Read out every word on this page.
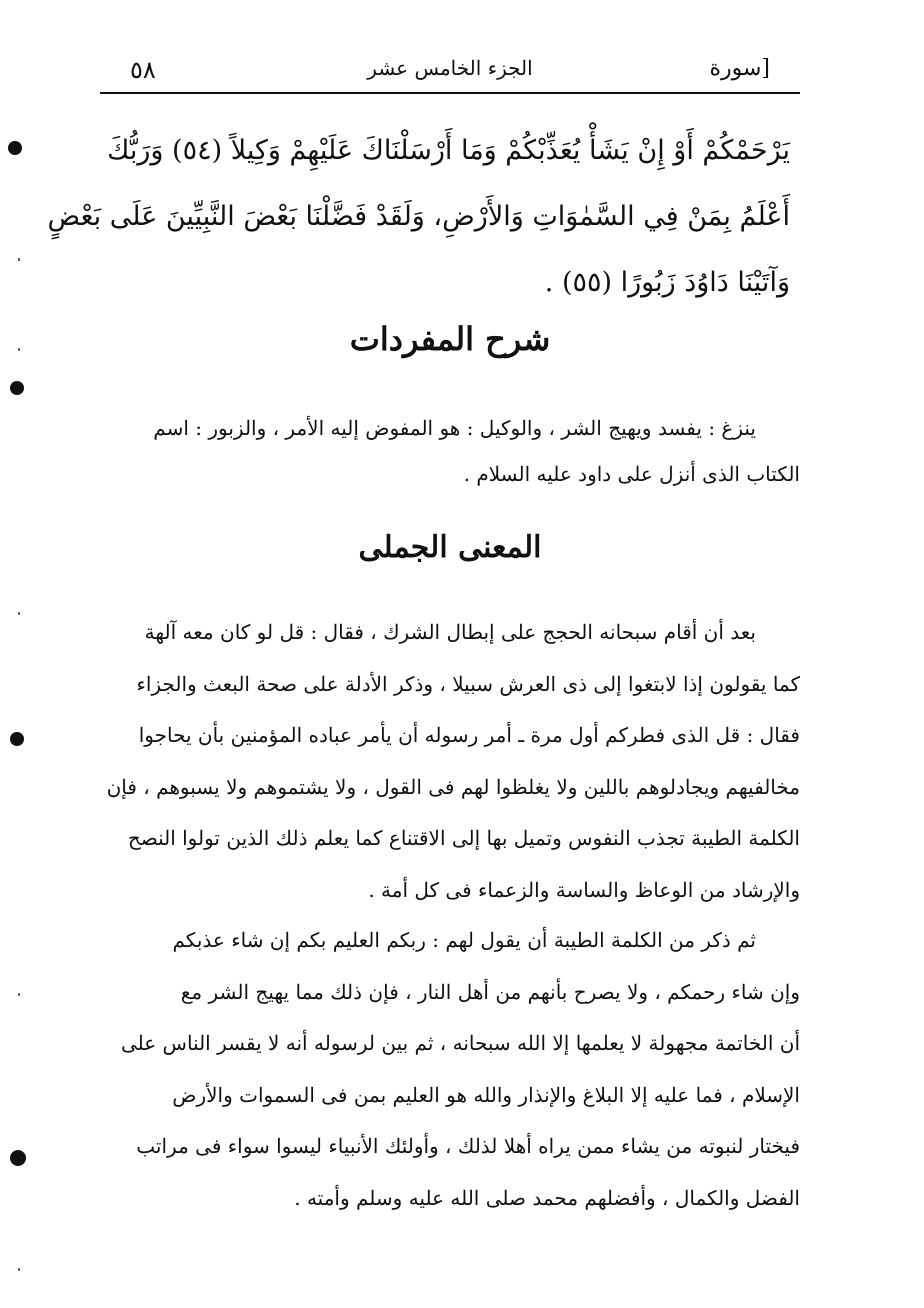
[سورة
الجزء الخامس عشر
٥٨
يَرْحَمْكُمْ أَوْ إِنْ يَشَأْ يُعَذِّبْكُمْ وَمَا أَرْسَلْنَاكَ عَلَيْهِمْ وَكِيلاً (٥٤) وَرَبُّكَ
أَعْلَمُ بِمَنْ فِي السَّمٰوَاتِ وَالأَرْضِ، وَلَقَدْ فَضَّلْنَا بَعْضَ النَّبِيِّينَ عَلَى بَعْضٍ
وَآتَيْنَا دَاوُدَ زَبُورًا (٥٥) .
شرح المفردات
ينزغ : يفسد ويهيج الشر ، والوكيل : هو المفوض إليه الأمر ، والزبور : اسم
الكتاب الذى أنزل على داود عليه السلام .
المعنى الجملى
بعد أن أقام سبحانه الحجج على إبطال الشرك ، فقال : قل لو كان معه آلهة
كما يقولون إذا لابتغوا إلى ذى العرش سبيلا ، وذكر الأدلة على صحة البعث والجزاء
فقال : قل الذى فطركم أول مرة ـ أمر رسوله أن يأمر عباده المؤمنين بأن يحاجوا
مخالفيهم ويجادلوهم باللين ولا يغلظوا لهم فى القول ، ولا يشتموهم ولا يسبوهم ، فإن
الكلمة الطيبة تجذب النفوس وتميل بها إلى الاقتناع كما يعلم ذلك الذين تولوا النصح
والإرشاد من الوعاظ والساسة والزعماء فى كل أمة .
ثم ذكر من الكلمة الطيبة أن يقول لهم : ربكم العليم بكم إن شاء عذبكم
وإن شاء رحمكم ، ولا يصرح بأنهم من أهل النار ، فإن ذلك مما يهيج الشر مع
أن الخاتمة مجهولة لا يعلمها إلا الله سبحانه ، ثم بين لرسوله أنه لا يقسر الناس على
الإسلام ، فما عليه إلا البلاغ والإنذار والله هو العليم بمن فى السموات والأرض
فيختار لنبوته من يشاء ممن يراه أهلا لذلك ، وأولئك الأنبياء ليسوا سواء فى مراتب
الفضل والكمال ، وأفضلهم محمد صلى الله عليه وسلم وأمته .
